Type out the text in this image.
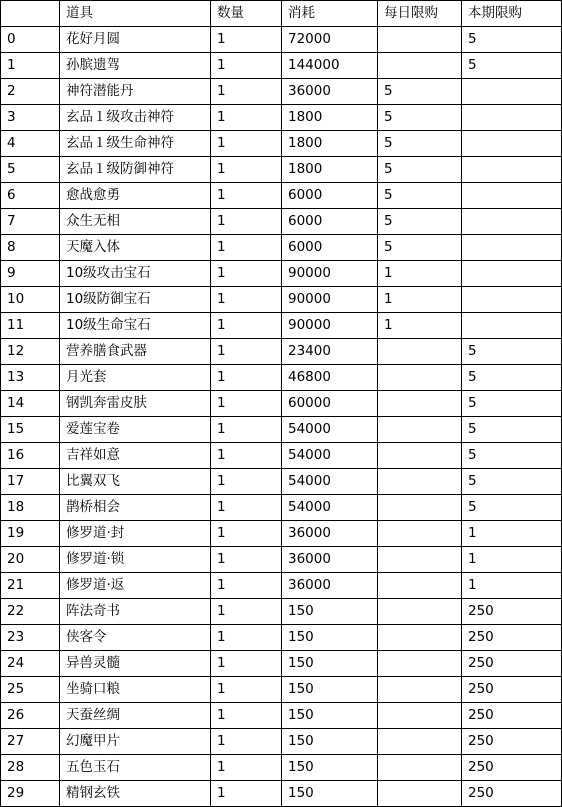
	道具	数量	消耗	每日限购	本期限购
0	花好月圆	1	72000		5
1	孙膑遗驾	1	144000		5
2	神符潜能丹	1	36000	5	
3	玄品１级攻击神符	1	1800	5	
4	玄品１级生命神符	1	1800	5	
5	玄品１级防御神符	1	1800	5	
6	愈战愈勇	1	6000	5	
7	众生无相	1	6000	5	
8	天魔入体	1	6000	5	
9	10级攻击宝石	1	90000	1	
10	10级防御宝石	1	90000	1	
11	10级生命宝石	1	90000	1	
12	营养膳食武器	1	23400		5
13	月光套	1	46800		5
14	钢凯奔雷皮肤	1	60000		5
15	爱莲宝卷	1	54000		5
16	吉祥如意	1	54000		5
17	比翼双飞	1	54000		5
18	鹊桥相会	1	54000		5
19	修罗道·封	1	36000		1
20	修罗道·锁	1	36000		1
21	修罗道·返	1	36000		1
22	阵法奇书	1	150		250
23	侠客令	1	150		250
24	异兽灵髓	1	150		250
25	坐骑口粮	1	150		250
26	天蚕丝绸	1	150		250
27	幻魔甲片	1	150		250
28	五色玉石	1	150		250
29	精钢玄铁	1	150		250
